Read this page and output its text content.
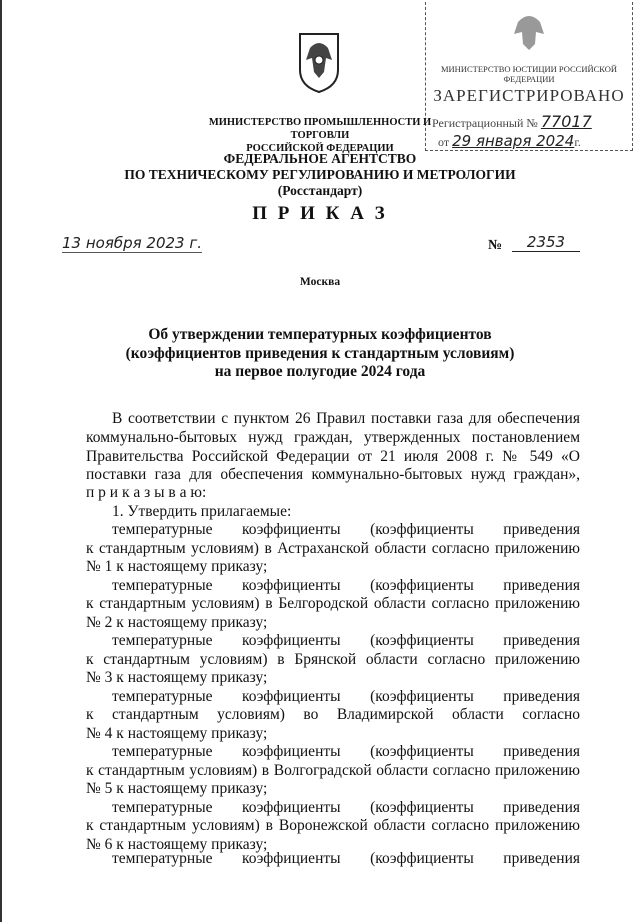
МИНИСТЕРСТВО ЮСТИЦИИ РОССИЙСКОЙ ФЕДЕРАЦИИ
ЗАРЕГИСТРИРОВАНО
Регистрационный № 77017
от 29 января 2024г.
МИНИСТЕРСТВО ПРОМЫШЛЕННОСТИ И ТОРГОВЛИ
РОССИЙСКОЙ ФЕДЕРАЦИИ
ФЕДЕРАЛЬНОЕ АГЕНТСТВО
ПО ТЕХНИЧЕСКОМУ РЕГУЛИРОВАНИЮ И МЕТРОЛОГИИ
(Росстандарт)
П Р И К А З
13 ноября 2023 г.	№	2353
Москва
Об утверждении температурных коэффициентов
(коэффициентов приведения к стандартным условиям)
на первое полугодие 2024 года
В соответствии с пунктом 26 Правил поставки газа для обеспечения
коммунально-бытовых нужд граждан, утвержденных постановлением
Правительства Российской Федерации от 21 июля 2008 г. № 549 «О
поставки газа для обеспечения коммунально-бытовых нужд граждан»,
п р и к а з ы в а ю:
1. Утвердить прилагаемые:
температурные коэффициенты (коэффициенты приведения
к стандартным условиям) в Астраханской области согласно приложению
№ 1 к настоящему приказу;
температурные коэффициенты (коэффициенты приведения
к стандартным условиям) в Белгородской области согласно приложению
№ 2 к настоящему приказу;
температурные коэффициенты (коэффициенты приведения
к стандартным условиям) в Брянской области согласно приложению
№ 3 к настоящему приказу;
температурные коэффициенты (коэффициенты приведения
к стандартным условиям) во Владимирской области согласно
№ 4 к настоящему приказу;
температурные коэффициенты (коэффициенты приведения
к стандартным условиям) в Волгоградской области согласно приложению
№ 5 к настоящему приказу;
температурные коэффициенты (коэффициенты приведения
к стандартным условиям) в Воронежской области согласно приложению
№ 6 к настоящему приказу;
температурные коэффициенты (коэффициенты приведения
